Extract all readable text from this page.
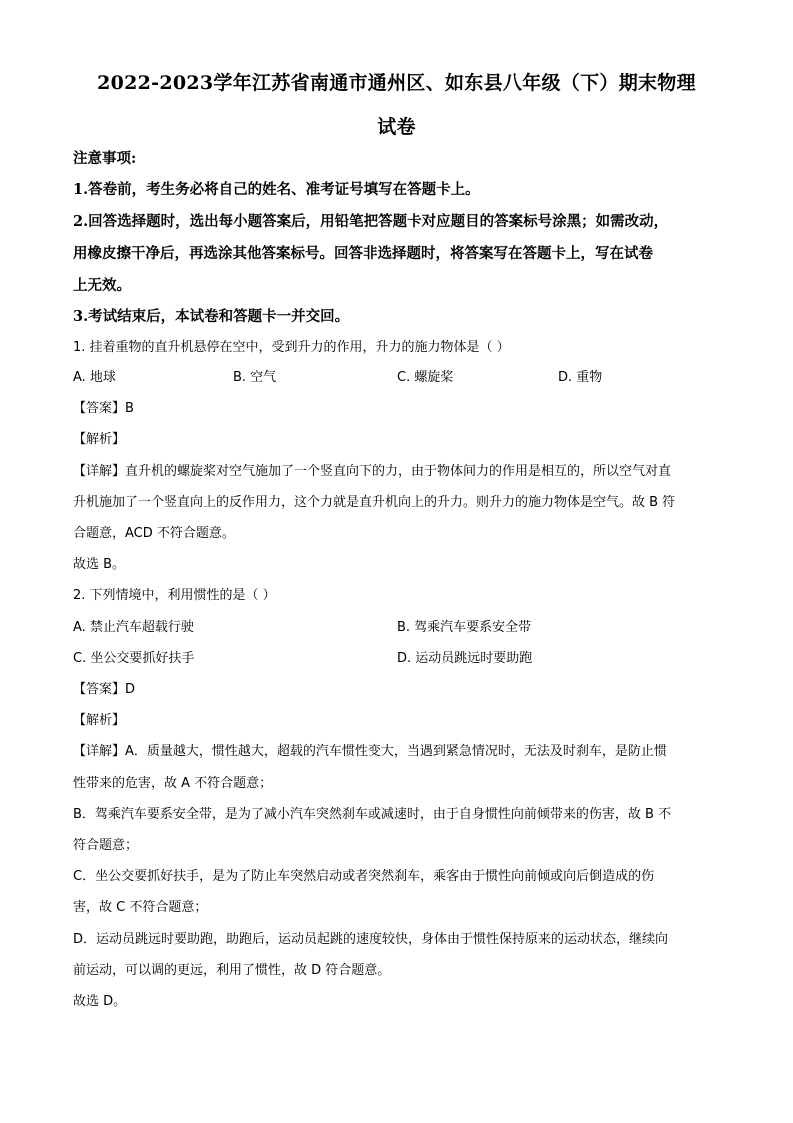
2022-2023学年江苏省南通市通州区、如东县八年级（下）期末物理
试卷
注意事项:
1.答卷前，考生务必将自己的姓名、准考证号填写在答题卡上。
2.回答选择题时，选出每小题答案后，用铅笔把答题卡对应题目的答案标号涂黑；如需改动，
用橡皮擦干净后，再选涂其他答案标号。回答非选择题时，将答案写在答题卡上，写在试卷
上无效。
3.考试结束后，本试卷和答题卡一并交回。
1. 挂着重物的直升机悬停在空中，受到升力的作用，升力的施力物体是（ ）
A. 地球	B. 空气	C. 螺旋桨	D. 重物
【答案】B
【解析】
【详解】直升机的螺旋桨对空气施加了一个竖直向下的力，由于物体间力的作用是相互的，所以空气对直
升机施加了一个竖直向上的反作用力，这个力就是直升机向上的升力。则升力的施力物体是空气。故 B 符
合题意，ACD 不符合题意。
故选 B。
2. 下列情境中，利用惯性的是（ ）
A. 禁止汽车超载行驶	B. 驾乘汽车要系安全带
C. 坐公交要抓好扶手	D. 运动员跳远时要助跑
【答案】D
【解析】
【详解】A．质量越大，惯性越大，超载的汽车惯性变大，当遇到紧急情况时，无法及时刹车，是防止惯
性带来的危害，故 A 不符合题意；
B．驾乘汽车要系安全带，是为了减小汽车突然刹车或减速时，由于自身惯性向前倾带来的伤害，故 B 不
符合题意；
C．坐公交要抓好扶手，是为了防止车突然启动或者突然刹车，乘客由于惯性向前倾或向后倒造成的伤
害，故 C 不符合题意；
D．运动员跳远时要助跑，助跑后，运动员起跳的速度较快，身体由于惯性保持原来的运动状态，继续向
前运动，可以调的更远，利用了惯性，故 D 符合题意。
故选 D。
